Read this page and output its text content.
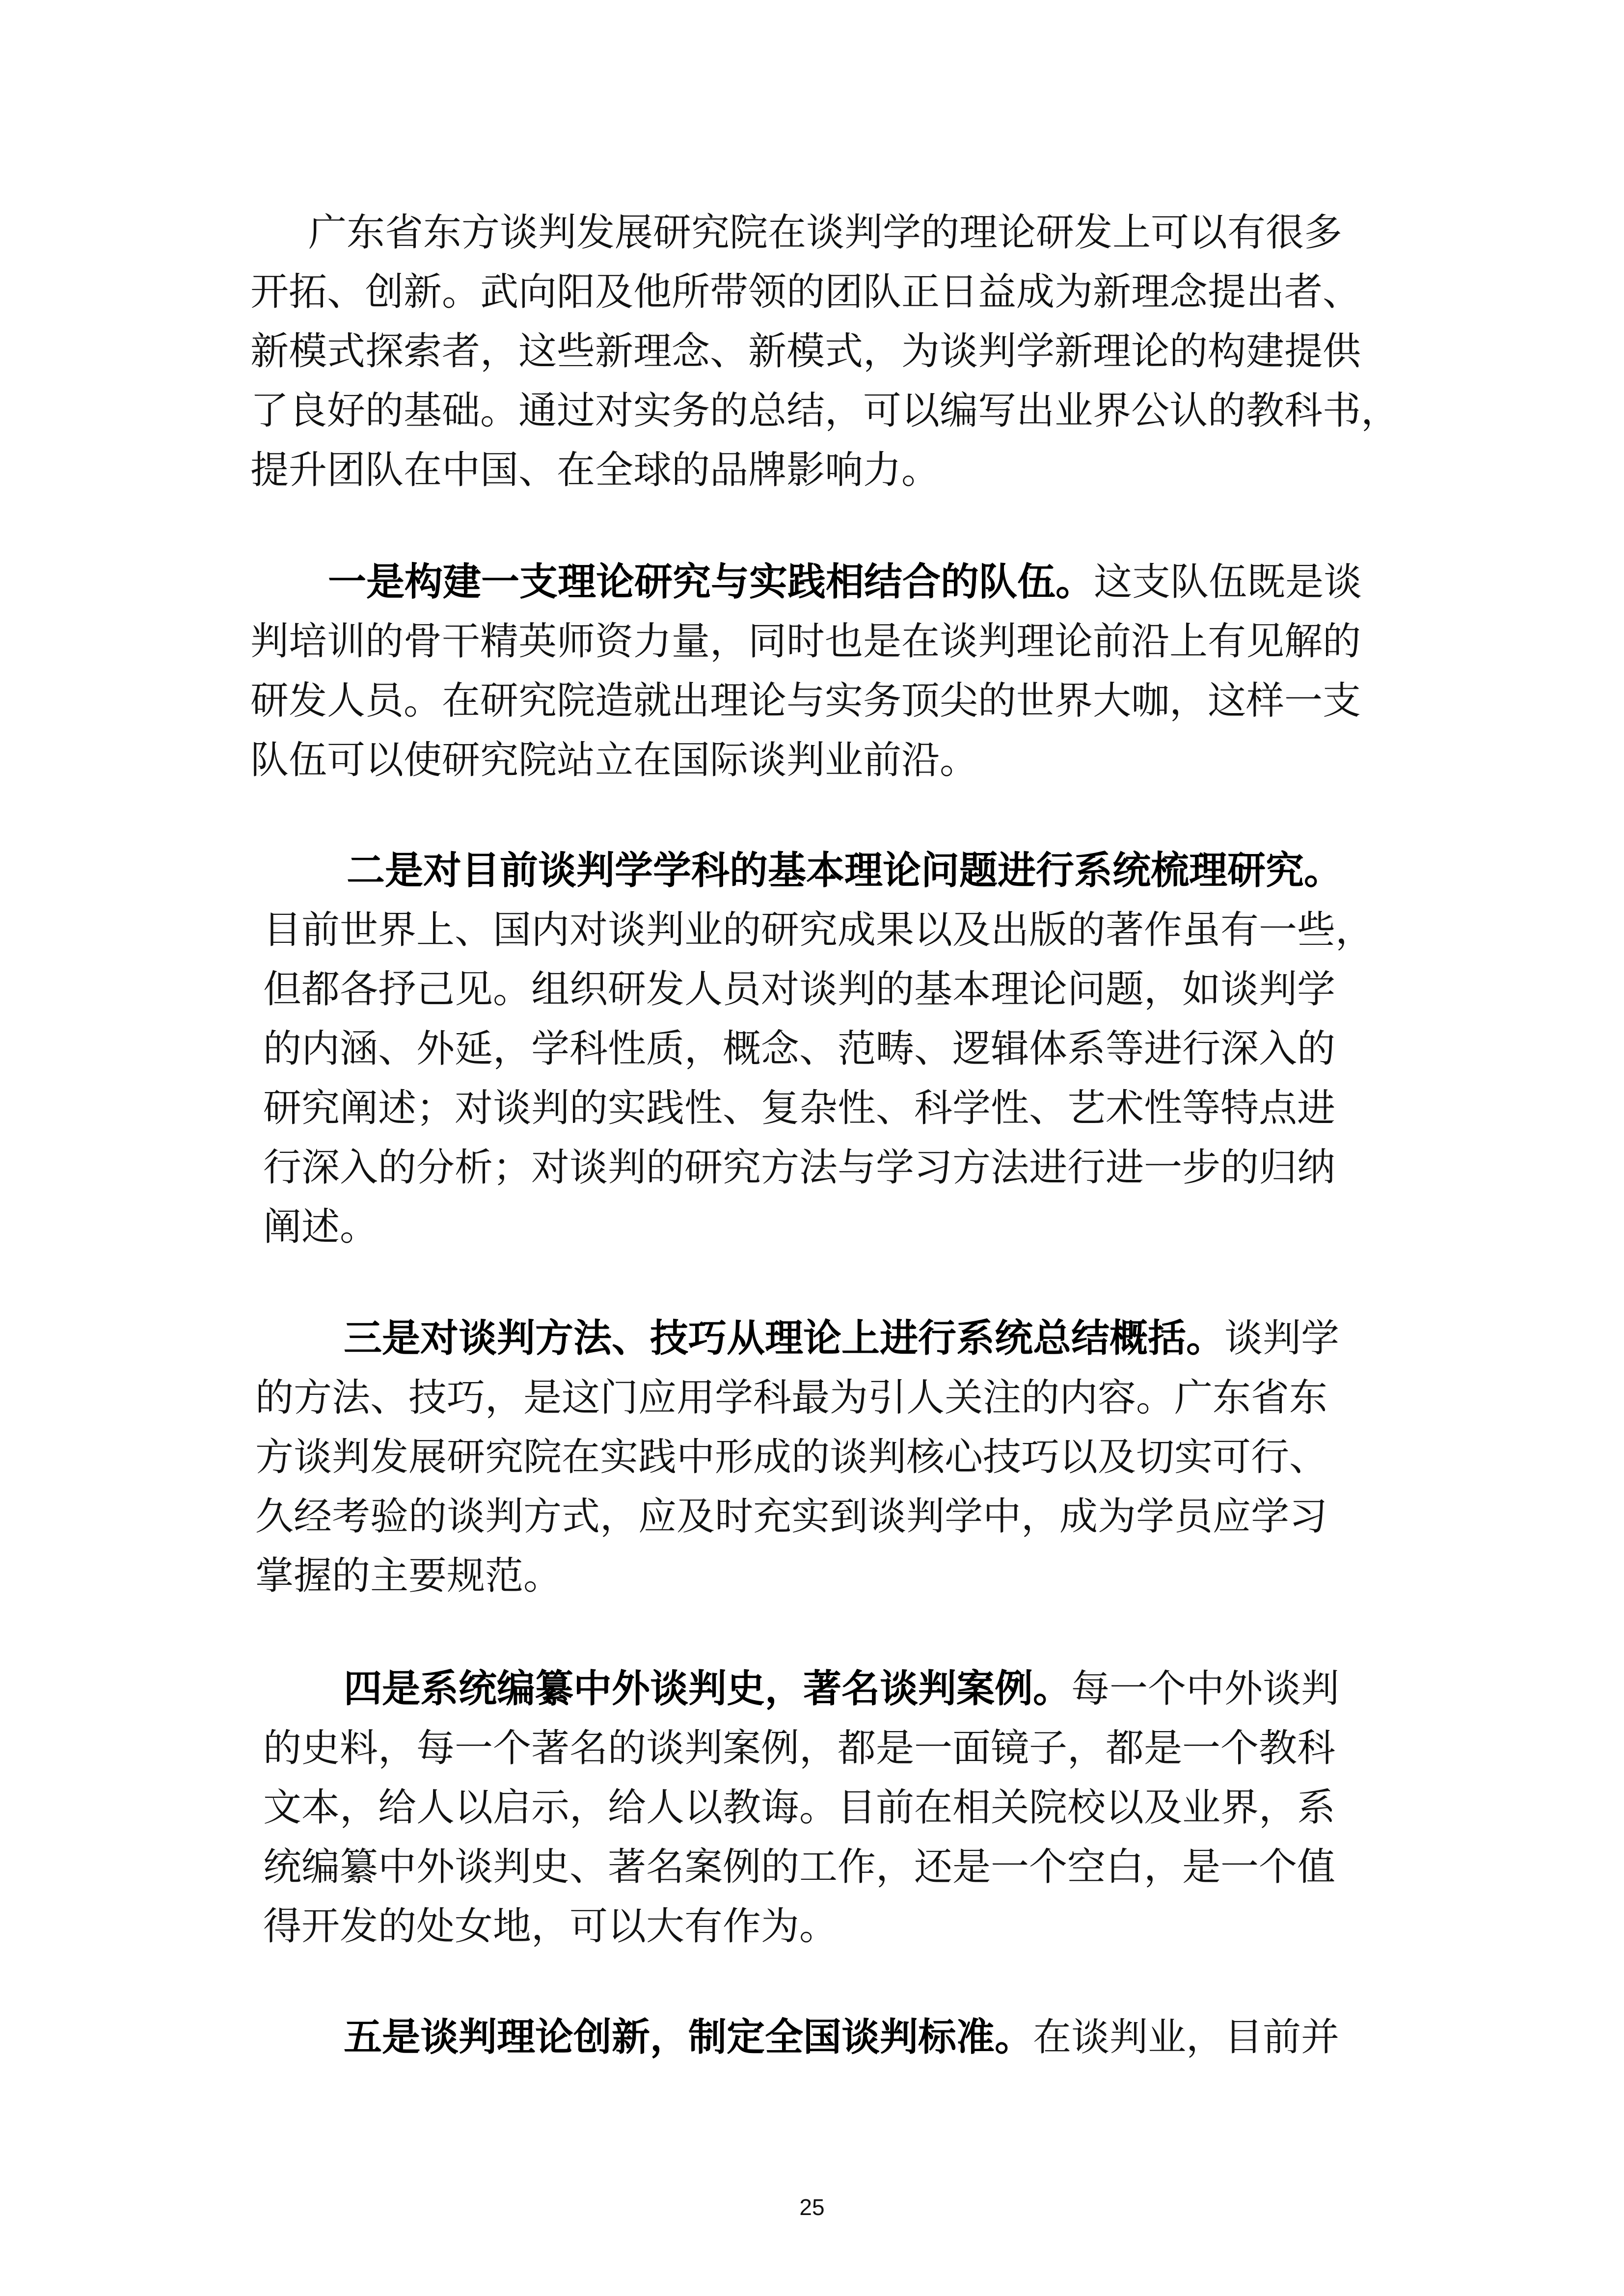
广东省东方谈判发展研究院在谈判学的理论研发上可以有很多

开拓、创新。武向阳及他所带领的团队正日益成为新理念提出者、

新模式探索者，这些新理念、新模式，为谈判学新理论的构建提供

了良好的基础。通过对实务的总结，可以编写出业界公认的教科书，

提升团队在中国、在全球的品牌影响力。

一是构建一支理论研究与实践相结合的队伍。这支队伍既是谈

判培训的骨干精英师资力量，同时也是在谈判理论前沿上有见解的

研发人员。在研究院造就出理论与实务顶尖的世界大咖，这样一支

队伍可以使研究院站立在国际谈判业前沿。

二是对目前谈判学学科的基本理论问题进行系统梳理研究。

目前世界上、国内对谈判业的研究成果以及出版的著作虽有一些，

但都各抒己见。组织研发人员对谈判的基本理论问题，如谈判学

的内涵、外延，学科性质，概念、范畴、逻辑体系等进行深入的

研究阐述；对谈判的实践性、复杂性、科学性、艺术性等特点进

行深入的分析；对谈判的研究方法与学习方法进行进一步的归纳

阐述。

三是对谈判方法、技巧从理论上进行系统总结概括。谈判学

的方法、技巧，是这门应用学科最为引人关注的内容。广东省东

方谈判发展研究院在实践中形成的谈判核心技巧以及切实可行、

久经考验的谈判方式，应及时充实到谈判学中，成为学员应学习

掌握的主要规范。

四是系统编纂中外谈判史，著名谈判案例。每一个中外谈判

的史料，每一个著名的谈判案例，都是一面镜子，都是一个教科

文本，给人以启示，给人以教诲。目前在相关院校以及业界，系

统编纂中外谈判史、著名案例的工作，还是一个空白，是一个值

得开发的处女地，可以大有作为。

五是谈判理论创新，制定全国谈判标准。在谈判业，目前并

25
